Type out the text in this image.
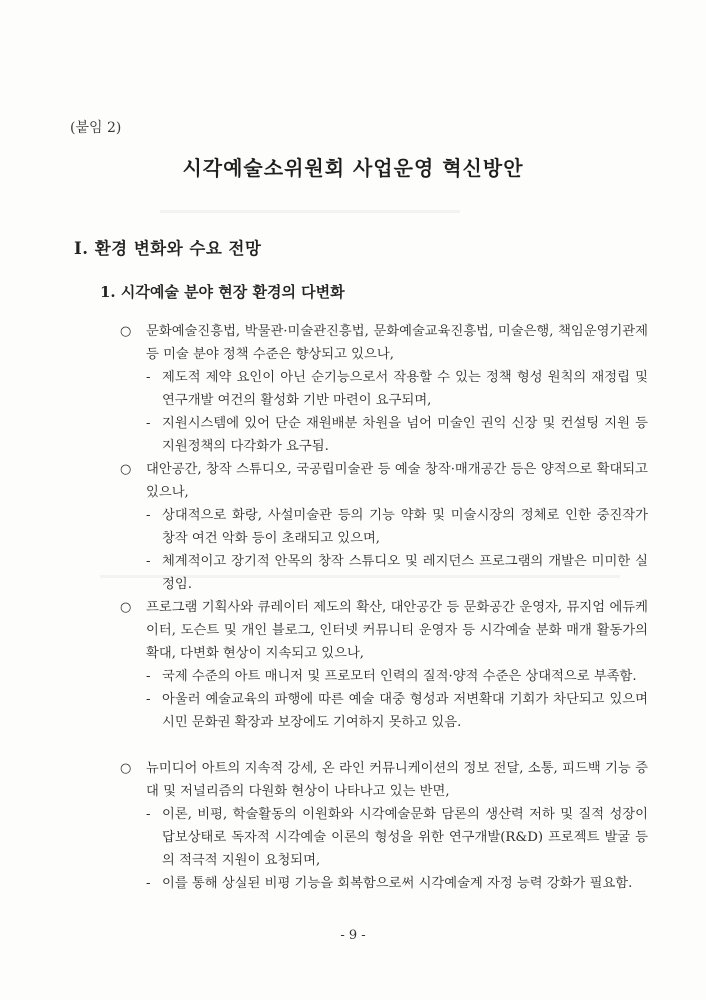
(붙임 2)
시각예술소위원회 사업운영 혁신방안
Ⅰ. 환경 변화와 수요 전망
1. 시각예술 분야 현장 환경의 다변화
○ 문화예술진흥법, 박물관·미술관진흥법, 문화예술교육진흥법, 미술은행, 책임운영기관제 등 미술 분야 정책 수준은 향상되고 있으나,
- 제도적 제약 요인이 아닌 순기능으로서 작용할 수 있는 정책 형성 원칙의 재정립 및 연구개발 여건의 활성화 기반 마련이 요구되며,
- 지원시스템에 있어 단순 재원배분 차원을 넘어 미술인 권익 신장 및 컨설팅 지원 등 지원정책의 다각화가 요구됨.
○ 대안공간, 창작 스튜디오, 국공립미술관 등 예술 창작·매개공간 등은 양적으로 확대되고 있으나,
- 상대적으로 화랑, 사설미술관 등의 기능 약화 및 미술시장의 정체로 인한 중진작가 창작 여건 악화 등이 초래되고 있으며,
- 체계적이고 장기적 안목의 창작 스튜디오 및 레지던스 프로그램의 개발은 미미한 실정임.
○ 프로그램 기획사와 큐레이터 제도의 확산, 대안공간 등 문화공간 운영자, 뮤지엄 에듀케이터, 도슨트 및 개인 블로그, 인터넷 커뮤니티 운영자 등 시각예술 분화 매개 활동가의 확대, 다변화 현상이 지속되고 있으나,
- 국제 수준의 아트 매니저 및 프로모터 인력의 질적·양적 수준은 상대적으로 부족함.
- 아울러 예술교육의 파행에 따른 예술 대중 형성과 저변확대 기회가 차단되고 있으며 시민 문화권 확장과 보장에도 기여하지 못하고 있음.
○ 뉴미디어 아트의 지속적 강세, 온 라인 커뮤니케이션의 정보 전달, 소통, 피드백 기능 증대 및 저널리즘의 다원화 현상이 나타나고 있는 반면,
- 이론, 비평, 학술활동의 이원화와 시각예술문화 담론의 생산력 저하 및 질적 성장이 답보상태로 독자적 시각예술 이론의 형성을 위한 연구개발(R&D) 프로젝트 발굴 등의 적극적 지원이 요청되며,
- 이를 통해 상실된 비평 기능을 회복함으로써 시각예술계 자정 능력 강화가 필요함.
- 9 -
